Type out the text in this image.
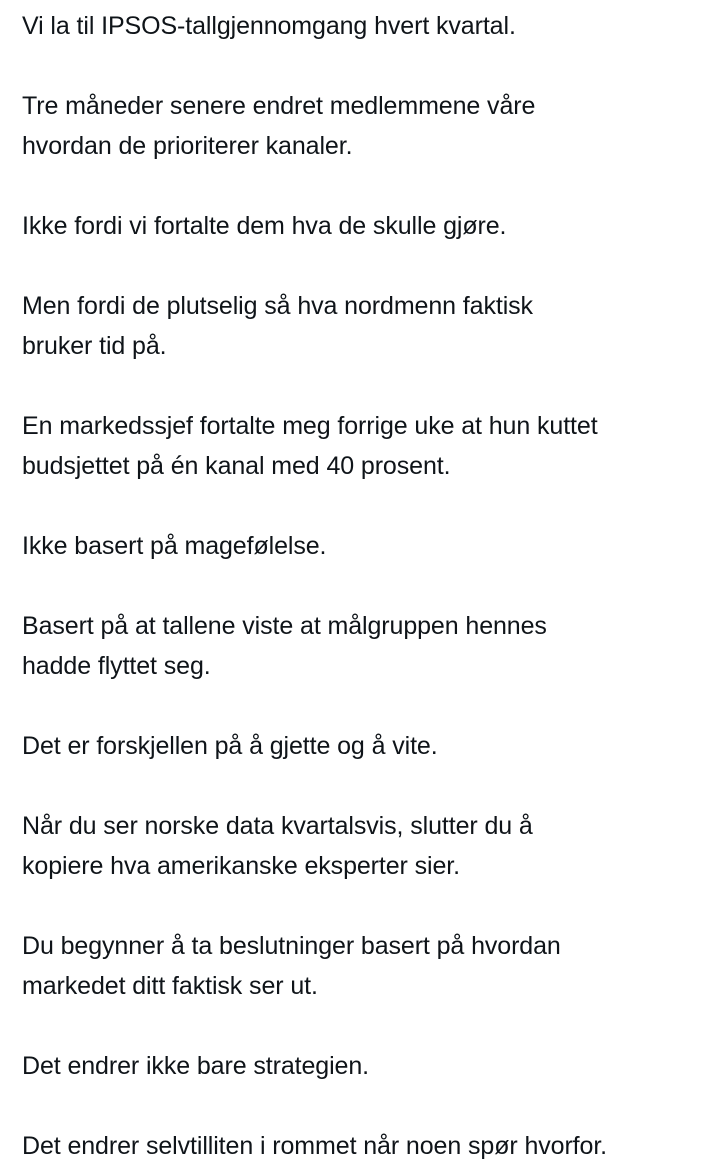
Vi la til IPSOS-tallgjennomgang hvert kvartal.

Tre måneder senere endret medlemmene våre
hvordan de prioriterer kanaler.

Ikke fordi vi fortalte dem hva de skulle gjøre.

Men fordi de plutselig så hva nordmenn faktisk
bruker tid på.

En markedssjef fortalte meg forrige uke at hun kuttet
budsjettet på én kanal med 40 prosent.

Ikke basert på magefølelse.

Basert på at tallene viste at målgruppen hennes
hadde flyttet seg.

Det er forskjellen på å gjette og å vite.

Når du ser norske data kvartalsvis, slutter du å
kopiere hva amerikanske eksperter sier.

Du begynner å ta beslutninger basert på hvordan
markedet ditt faktisk ser ut.

Det endrer ikke bare strategien.

Det endrer selvtilliten i rommet når noen spør hvorfor.
